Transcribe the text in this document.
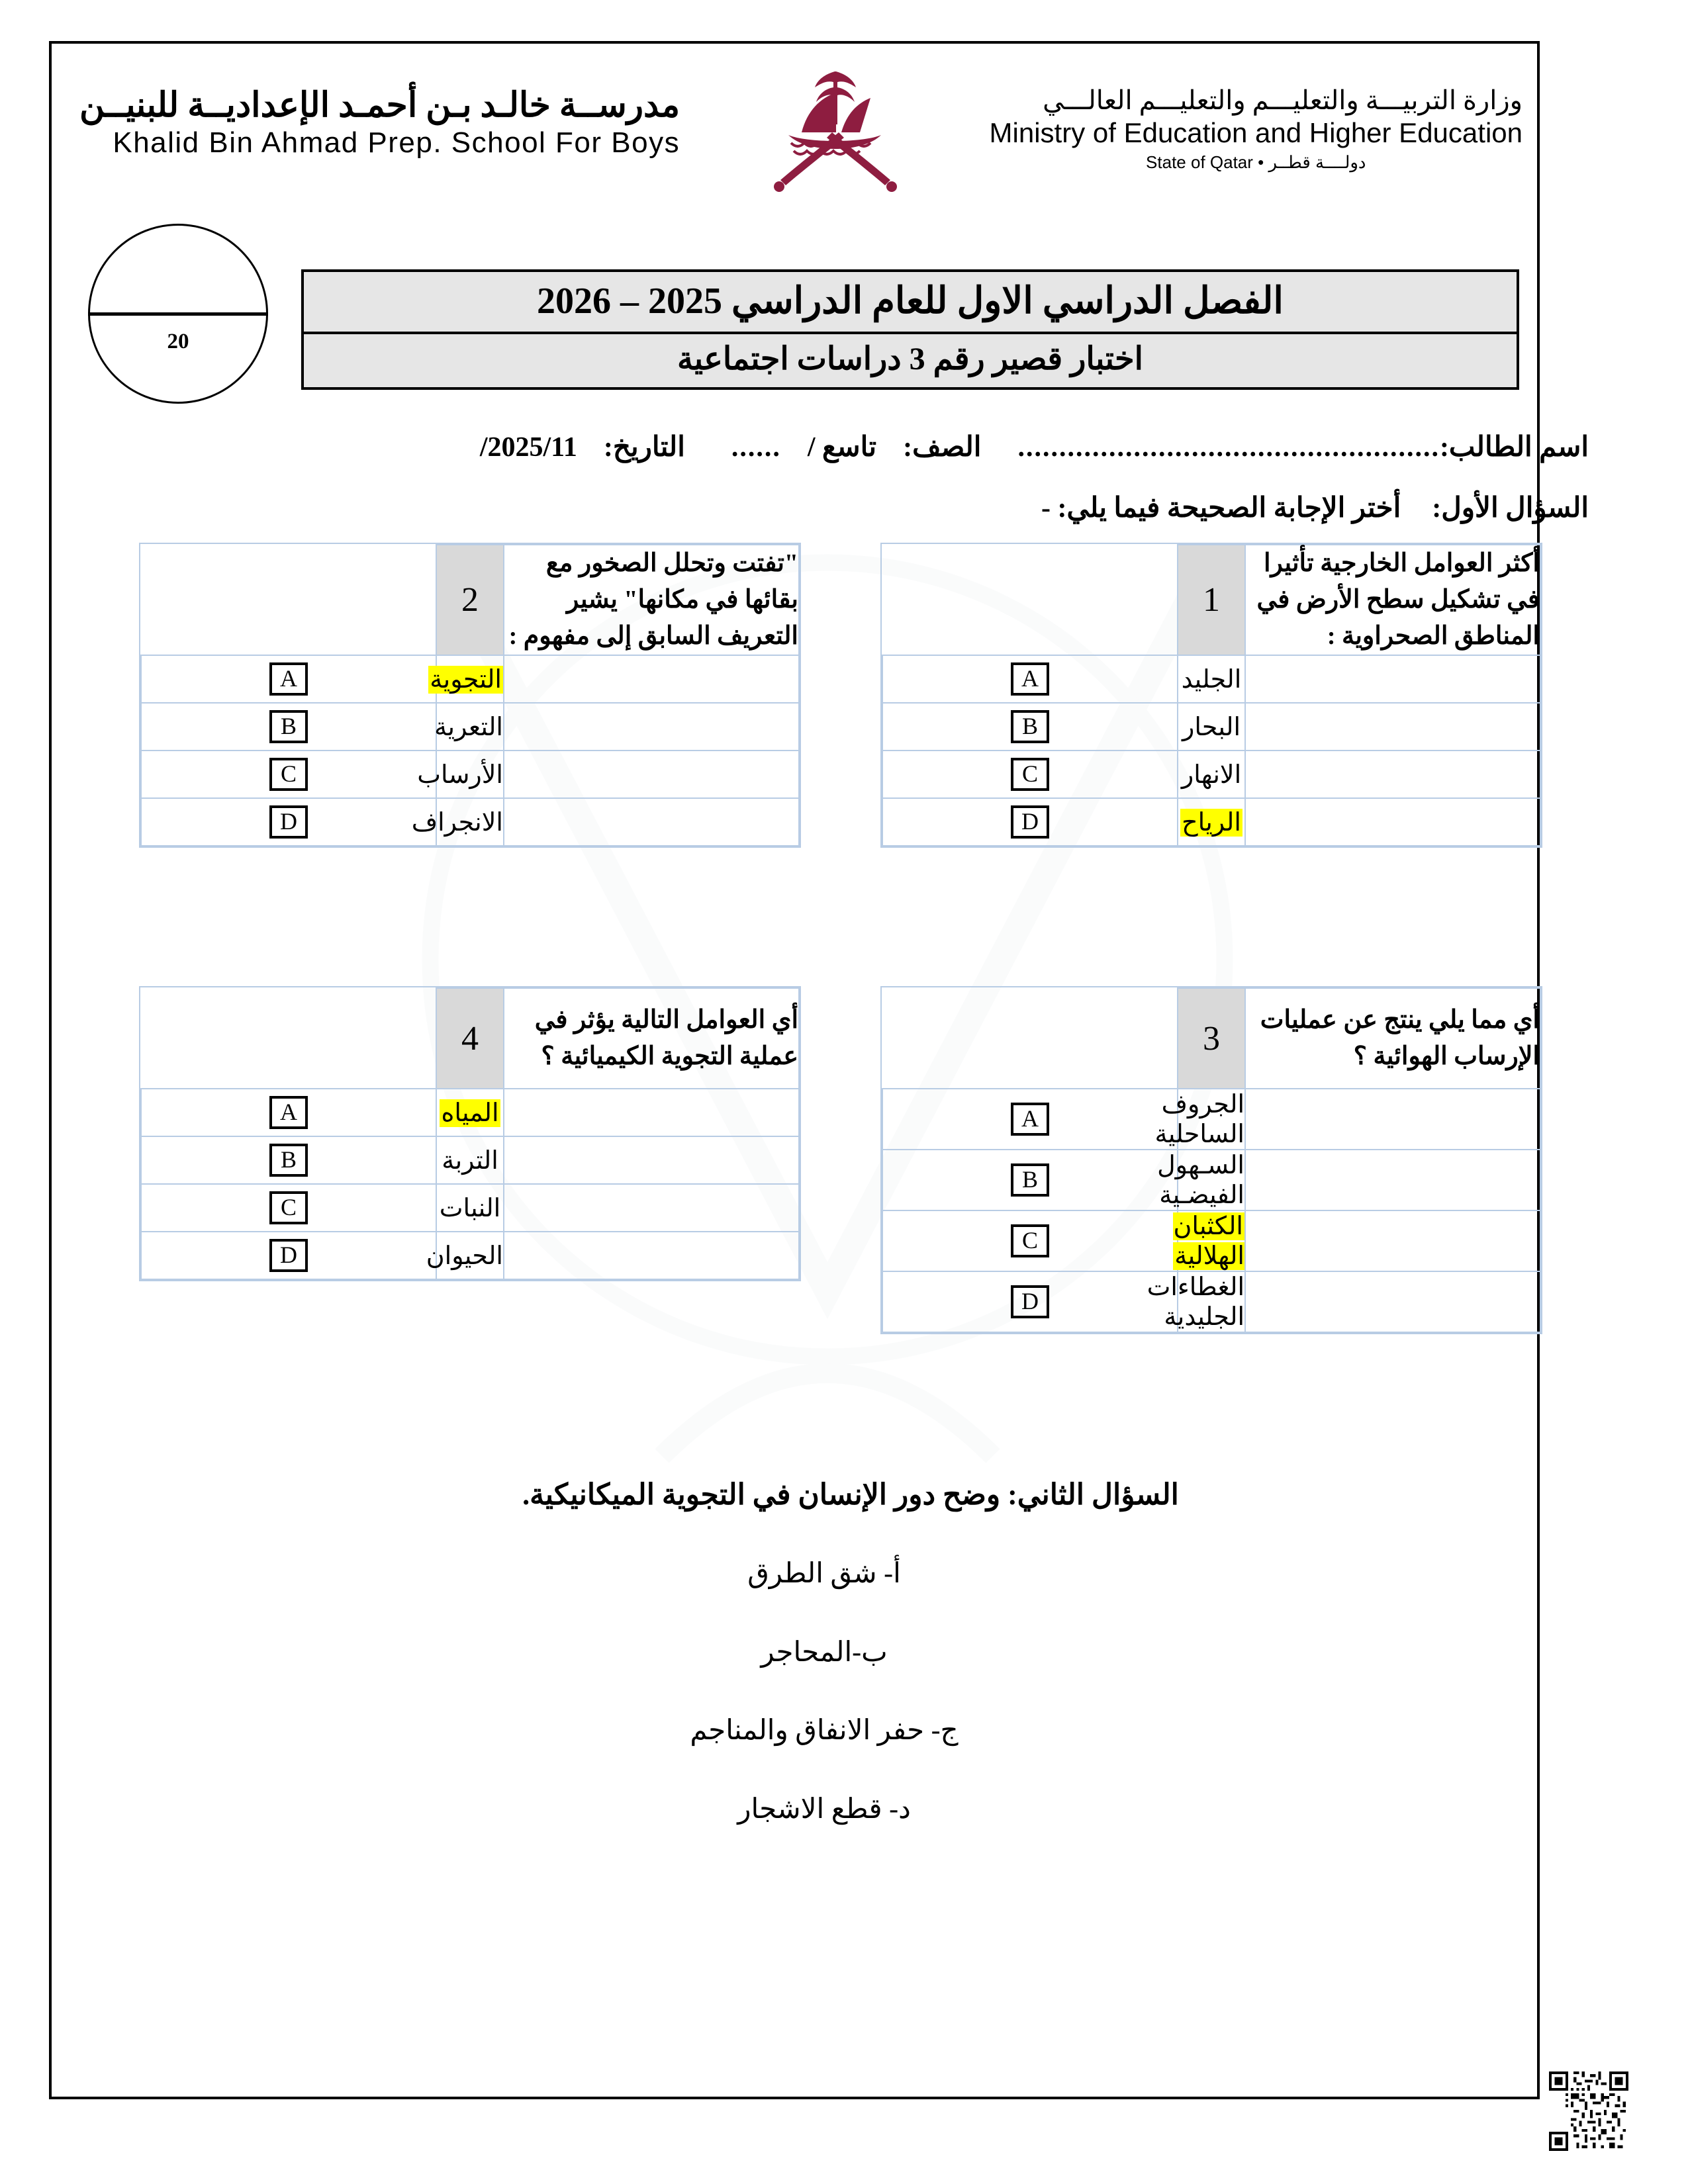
مدرســة خالـد بـن أحمـد الإعداديــة للبنيــن
Khalid Bin Ahmad Prep. School For Boys
وزارة التربيـــة والتعليـــم والتعليـــم العالـــي
Ministry of Education and Higher Education
دولــــة قطــر • State of Qatar
20
الفصل الدراسي الاول للعام الدراسي 2025 – 2026
اختبار قصير رقم 3 دراسات اجتماعية
اسم الطالب:
...................................................
الصف:
تاسع /
......
التاريخ:
2025/11/
السؤال الأول:  أختر الإجابة الصحيحة فيما يلي: -
أكثر العوامل الخارجية تأثيرا في تشكيل سطح الأرض في المناطق الصحراوية :	1	
	الجليد	A
	البحار	B
	الانهار	C
	الرياح	D
"تفتت وتحلل الصخور مع بقائها في مكانها" يشير التعريف السابق إلى مفهوم :	2	
	التجوية	A
	التعرية	B
	الأرساب	C
	الانجراف	D
أي مما يلي ينتج عن عمليات الإرساب الهوائية ؟	3	
	الجروف الساحلية	A
	السـهول الفيضـية	B
	الكثبان الهلالية	C
	الغطاءات الجليدية	D
أي العوامل التالية يؤثر في عملية التجوية الكيميائية ؟	4	
	المياه	A
	التربة	B
	النبات	C
	الحيوان	D
السؤال الثاني: وضح دور الإنسان في التجوية الميكانيكية.
أ- شق الطرق
ب-المحاجر
ج- حفر الانفاق والمناجم
د- قطع الاشجار
